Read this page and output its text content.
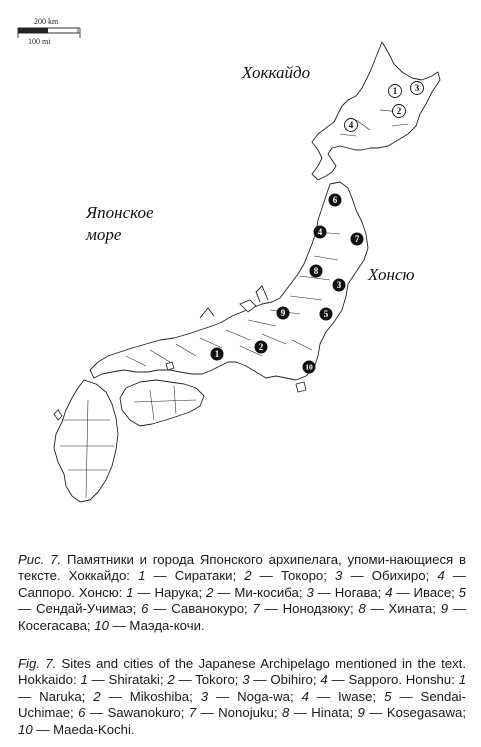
200 km
100 mi
Хоккайдо
Японское
море
Хонсю
1
2
3
4
1
2
3
4
5
6
7
8
9
10

Рис. 7. Памятники и города Японского архипелага, упоми-нающиеся в тексте. Хоккайдо: 1 — Сиратаки; 2 — Токоро; 3 — Обихиро; 4 — Саппоро. Хонсю: 1 — Нарука; 2 — Ми-косиба; 3 — Ногава; 4 — Ивасе; 5 — Сендай-Учимаэ; 6 — Саванокуро; 7 — Нонодзюку; 8 — Хината; 9 — Косегасава; 10 — Маэда-кочи.

Fig. 7. Sites and cities of the Japanese Archipelago mentioned in the text. Hokkaido: 1 — Shirataki; 2 — Tokoro; 3 — Obihiro; 4 — Sapporo. Honshu: 1 — Naruka; 2 — Mikoshiba; 3 — Noga-wa; 4 — Iwase; 5 — Sendai- Uchimae; 6 — Sawanokuro; 7 — Nonojuku; 8 — Hinata; 9 — Kosegasawa; 10 — Maeda-Kochi.
